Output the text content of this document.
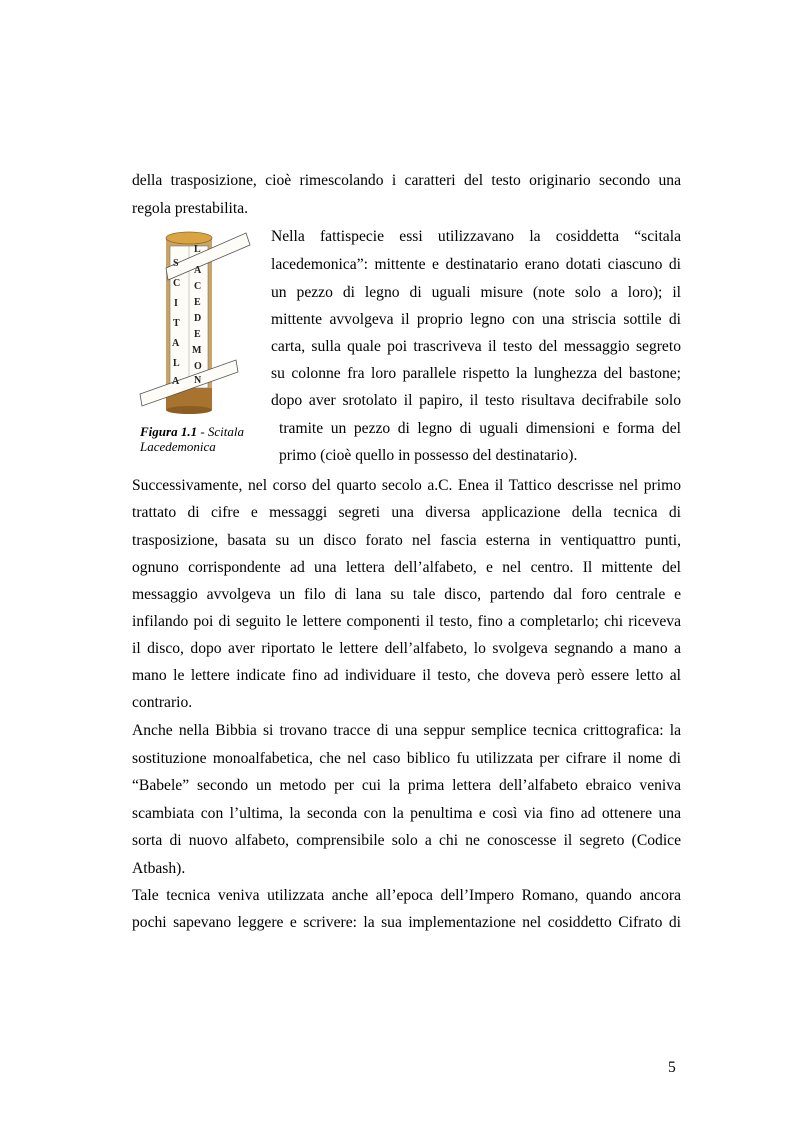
della trasposizione, cioè rimescolando i caratteri del testo originario secondo una
regola prestabilita.
S
C
I
T
A
L
A
L
A
C
E
D
E
M
O
N
Figura 1.1 - Scitala Lacedemonica
Nella fattispecie essi utilizzavano la cosiddetta “scitala
lacedemonica”: mittente e destinatario erano dotati ciascuno di
un pezzo di legno di uguali misure (note solo a loro); il
mittente avvolgeva il proprio legno con una striscia sottile di
carta, sulla quale poi trascriveva il testo del messaggio segreto
su colonne fra loro parallele rispetto la lunghezza del bastone;
dopo aver srotolato il papiro, il testo risultava decifrabile solo
tramite un pezzo di legno di uguali dimensioni e forma del
primo (cioè quello in possesso del destinatario).
Successivamente, nel corso del quarto secolo a.C. Enea il Tattico descrisse nel primo
trattato di cifre e messaggi segreti una diversa applicazione della tecnica di
trasposizione, basata su un disco forato nel fascia esterna in ventiquattro punti,
ognuno corrispondente ad una lettera dell’alfabeto, e nel centro. Il mittente del
messaggio avvolgeva un filo di lana su tale disco, partendo dal foro centrale e
infilando poi di seguito le lettere componenti il testo, fino a completarlo; chi riceveva
il disco, dopo aver riportato le lettere dell’alfabeto, lo svolgeva segnando a mano a
mano le lettere indicate fino ad individuare il testo, che doveva però essere letto al
contrario.
Anche nella Bibbia si trovano tracce di una seppur semplice tecnica crittografica: la
sostituzione monoalfabetica, che nel caso biblico fu utilizzata per cifrare il nome di
“Babele” secondo un metodo per cui la prima lettera dell’alfabeto ebraico veniva
scambiata con l’ultima, la seconda con la penultima e così via fino ad ottenere una
sorta di nuovo alfabeto, comprensibile solo a chi ne conoscesse il segreto (Codice
Atbash).
Tale tecnica veniva utilizzata anche all’epoca dell’Impero Romano, quando ancora
pochi sapevano leggere e scrivere: la sua implementazione nel cosiddetto Cifrato di
5
